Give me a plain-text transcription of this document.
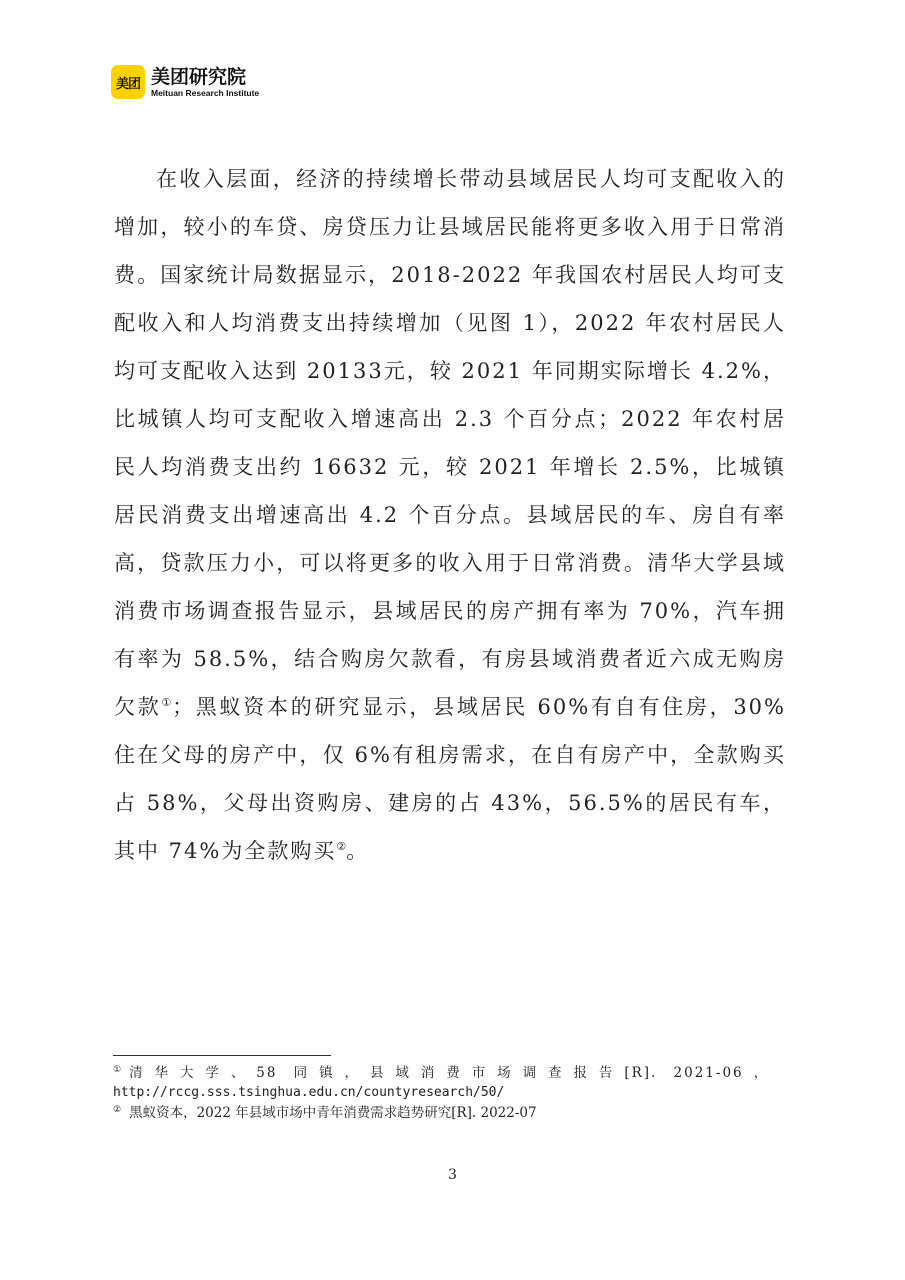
美团 美团研究院
Meituan Research Institute

在收入层面，经济的持续增长带动县域居民人均可支配收入的增加，较小的车贷、房贷压力让县域居民能将更多收入用于日常消费。国家统计局数据显示，2018-2022 年我国农村居民人均可支配收入和人均消费支出持续增加（见图 1），2022 年农村居民人均可支配收入达到 20133元，较 2021 年同期实际增长 4.2%，比城镇人均可支配收入增速高出 2.3 个百分点；2022 年农村居民人均消费支出约 16632 元，较 2021 年增长 2.5%，比城镇居民消费支出增速高出 4.2 个百分点。县域居民的车、房自有率高，贷款压力小，可以将更多的收入用于日常消费。清华大学县域消费市场调查报告显示，县域居民的房产拥有率为 70%，汽车拥有率为 58.5%，结合购房欠款看，有房县域消费者近六成无购房欠款①；黑蚁资本的研究显示，县域居民 60%有自有住房，30%住在父母的房产中，仅 6%有租房需求，在自有房产中，全款购买占 58%，父母出资购房、建房的占 43%，56.5%的居民有车，其中 74%为全款购买②。

① 清华大学、58 同镇，县域消费市场调查报告[R]. 2021-06，
http://rccg.sss.tsinghua.edu.cn/countyresearch/50/
② 黑蚁资本，2022 年县域市场中青年消费需求趋势研究[R]. 2022-07
3
